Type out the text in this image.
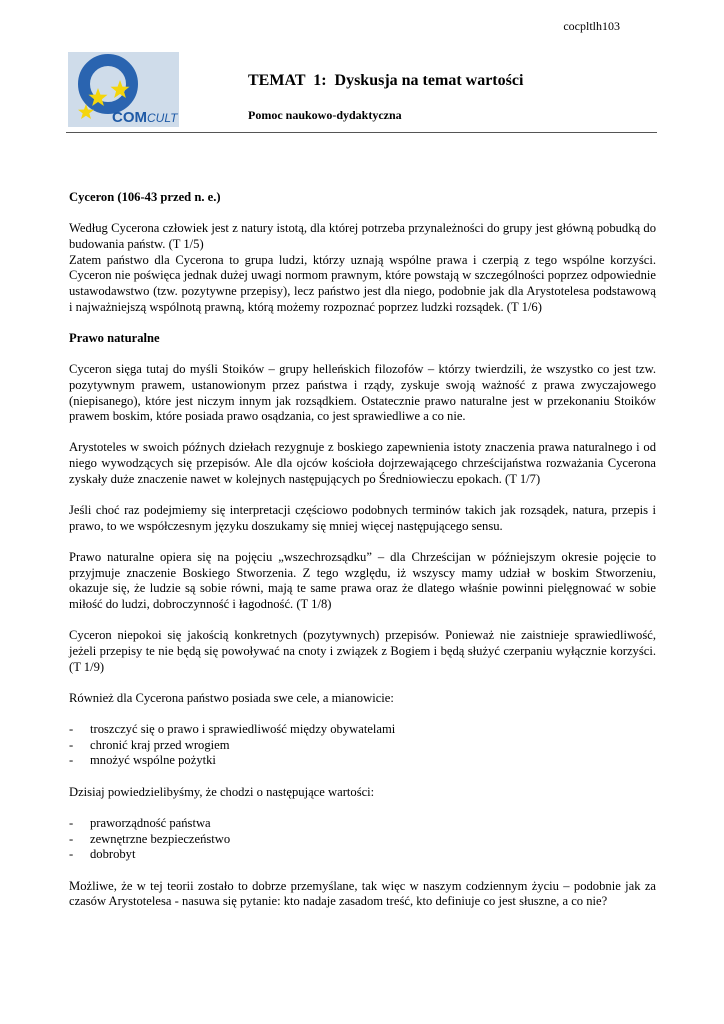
cocpltlh103
COM CULT
TEMAT  1:  Dyskusja na temat wartości
Pomoc naukowo-dydaktyczna

Cyceron (106-43 przed n. e.)

Według Cycerona człowiek jest z natury istotą, dla której potrzeba przynależności do grupy jest główną pobudką do budowania państw. (T 1/5)

Zatem państwo dla Cycerona to grupa ludzi, którzy uznają wspólne prawa i czerpią z tego wspólne korzyści. Cyceron nie poświęca jednak dużej uwagi normom prawnym, które powstają w szczególności poprzez odpowiednie ustawodawstwo (tzw. pozytywne przepisy), lecz państwo jest dla niego, podobnie jak dla Arystotelesa podstawową i najważniejszą wspólnotą prawną, którą możemy rozpoznać poprzez ludzki rozsądek. (T 1/6)

Prawo naturalne

Cyceron sięga tutaj do myśli Stoików – grupy helleńskich filozofów – którzy twierdzili, że wszystko co jest tzw. pozytywnym prawem, ustanowionym przez państwa i rządy, zyskuje swoją ważność z prawa zwyczajowego (niepisanego), które jest niczym innym jak rozsądkiem. Ostatecznie prawo naturalne jest w przekonaniu Stoików prawem boskim, które posiada prawo osądzania, co jest sprawiedliwe a co nie.

Arystoteles w swoich późnych dziełach rezygnuje z boskiego zapewnienia istoty znaczenia prawa naturalnego i od niego wywodzących się przepisów. Ale dla ojców kościoła dojrzewającego chrześcijaństwa rozważania Cycerona zyskały duże znaczenie nawet w kolejnych następujących po Średniowieczu epokach. (T 1/7)

Jeśli choć raz podejmiemy się interpretacji częściowo podobnych terminów takich jak rozsądek, natura, przepis i prawo, to we współczesnym języku doszukamy się mniej więcej następującego sensu.

Prawo naturalne opiera się na pojęciu „wszechrozsądku” – dla Chrześcijan w późniejszym okresie pojęcie to przyjmuje znaczenie Boskiego Stworzenia. Z tego względu, iż wszyscy mamy udział w boskim Stworzeniu, okazuje się, że ludzie są sobie równi, mają te same prawa oraz że dlatego właśnie powinni pielęgnować w sobie miłość do ludzi, dobroczynność i łagodność. (T 1/8)

Cyceron niepokoi się jakością konkretnych (pozytywnych) przepisów. Ponieważ nie zaistnieje sprawiedliwość, jeżeli przepisy te nie będą się powoływać na cnoty i związek z Bogiem i będą służyć czerpaniu wyłącznie korzyści. (T 1/9)

Również dla Cycerona państwo posiada swe cele, a mianowicie:

- troszczyć się o prawo i sprawiedliwość między obywatelami
- chronić kraj przed wrogiem
- mnożyć wspólne pożytki

Dzisiaj powiedzielibyśmy, że chodzi o następujące wartości:

- praworządność państwa
- zewnętrzne bezpieczeństwo
- dobrobyt

Możliwe, że w tej teorii zostało to dobrze przemyślane, tak więc w naszym codziennym życiu – podobnie jak za czasów Arystotelesa - nasuwa się pytanie: kto nadaje zasadom treść, kto definiuje co jest słuszne, a co nie?
